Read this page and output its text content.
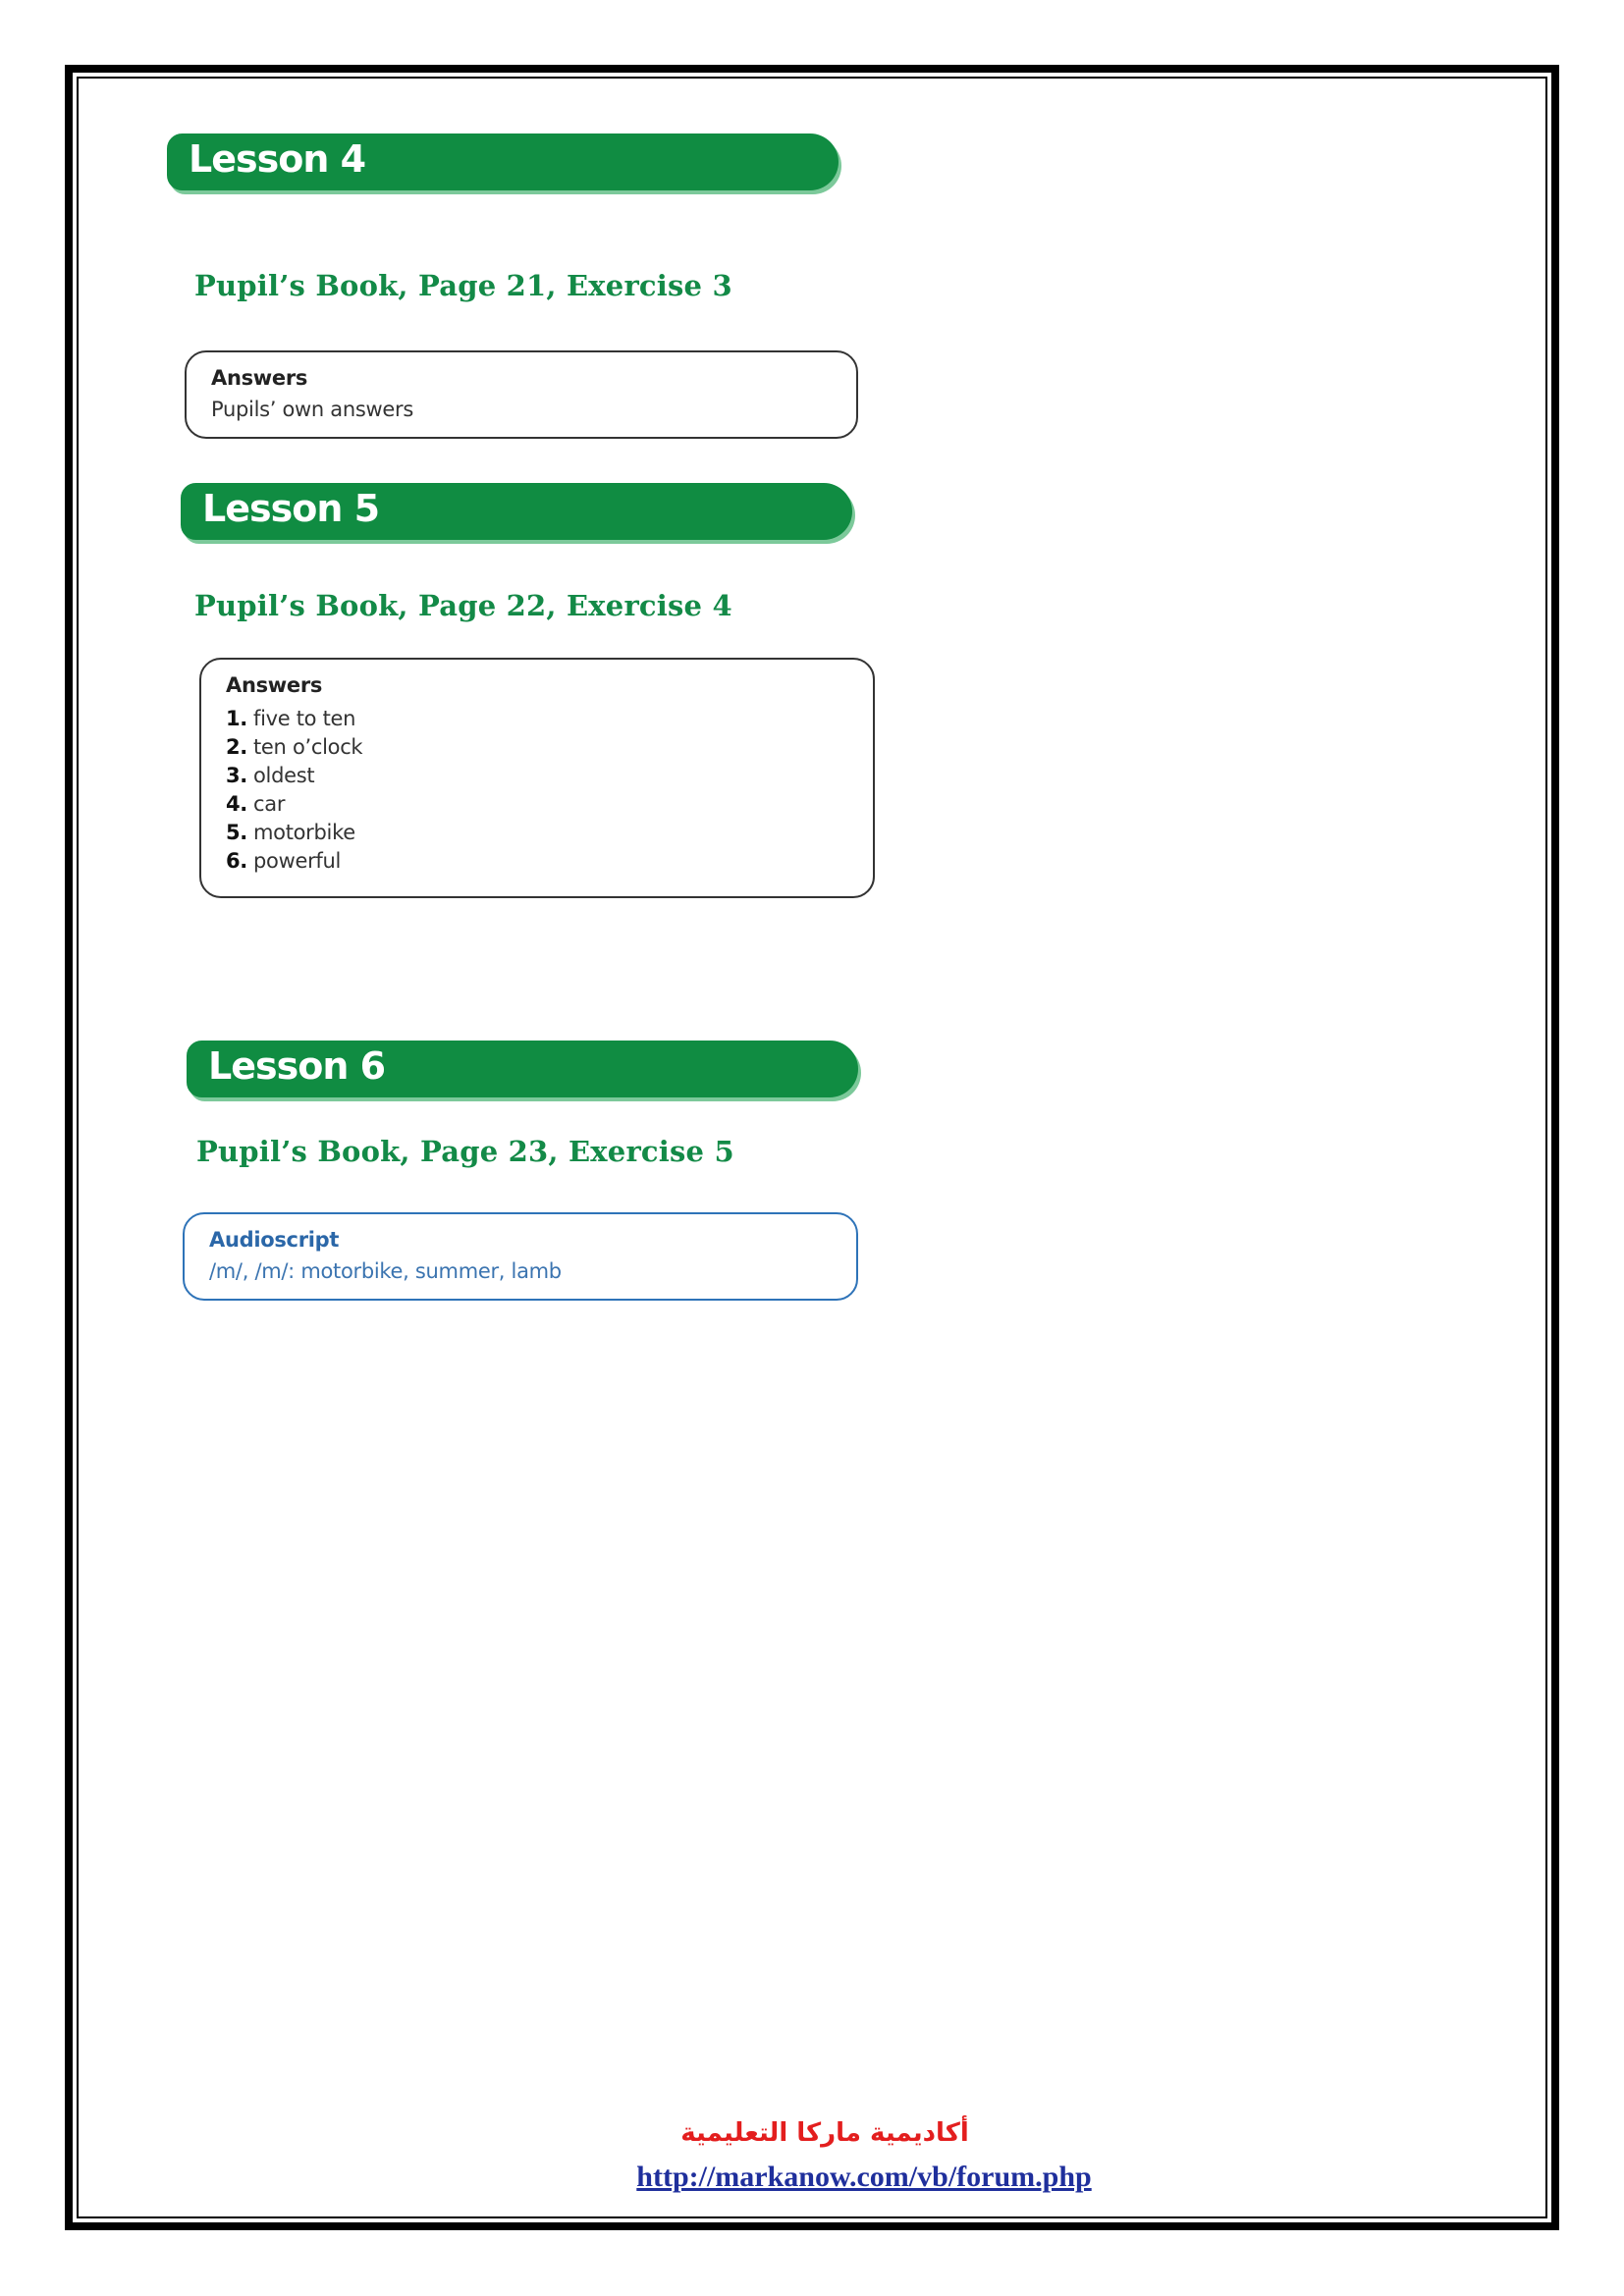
Lesson 4
Pupil’s Book, Page 21, Exercise 3
Answers
Pupils’ own answers
Lesson 5
Pupil’s Book, Page 22, Exercise 4
Answers
1. five to ten
2. ten o’clock
3. oldest
4. car
5. motorbike
6. powerful
Lesson 6
Pupil’s Book, Page 23, Exercise 5
Audioscript
/m/, /m/: motorbike, summer, lamb
أكاديمية ماركا التعليمية
http://markanow.com/vb/forum.php
